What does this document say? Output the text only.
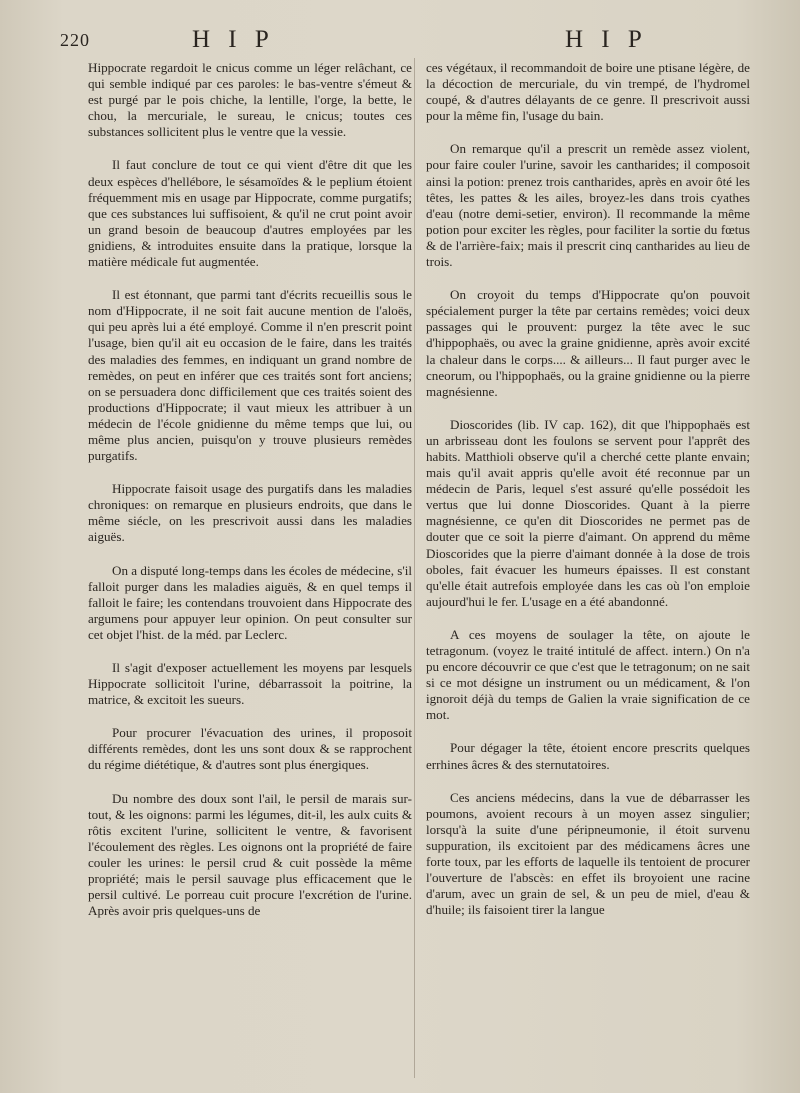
220	H I P	H I P

Hippocrate regardoit le cnicus comme un léger relâchant, ce qui semble indiqué par ces paroles: le bas-ventre s'émeut & est purgé par le pois chiche, la lentille, l'orge, la bette, le chou, la mercuriale, le sureau, le cnicus; toutes ces substances sollicitent plus le ventre que la vessie.

Il faut conclure de tout ce qui vient d'être dit que les deux espèces d'hellébore, le sésamoïdes & le peplium étoient fréquemment mis en usage par Hippocrate, comme purgatifs; que ces substances lui suffisoient, & qu'il ne crut point avoir un grand besoin de beaucoup d'autres employées par les gnidiens, & introduites ensuite dans la pratique, lorsque la matière médicale fut augmentée.

Il est étonnant, que parmi tant d'écrits recueillis sous le nom d'Hippocrate, il ne soit fait aucune mention de l'aloës, qui peu après lui a été employé. Comme il n'en prescrit point l'usage, bien qu'il ait eu occasion de le faire, dans les traités des maladies des femmes, en indiquant un grand nombre de remèdes, on peut en inférer que ces traités sont fort anciens; on se persuadera donc difficilement que ces traités soient des productions d'Hippocrate; il vaut mieux les attribuer à un médecin de l'école gnidienne du même temps que lui, ou même plus ancien, puisqu'on y trouve plusieurs remèdes purgatifs.

Hippocrate faisoit usage des purgatifs dans les maladies chroniques: on remarque en plusieurs endroits, que dans le même siécle, on les prescrivoit aussi dans les maladies aiguës.

On a disputé long-temps dans les écoles de médecine, s'il falloit purger dans les maladies aiguës, & en quel temps il falloit le faire; les contendans trouvoient dans Hippocrate des argumens pour appuyer leur opinion. On peut consulter sur cet objet l'hist. de la méd. par Leclerc.

Il s'agit d'exposer actuellement les moyens par lesquels Hippocrate sollicitoit l'urine, débarrassoit la poitrine, la matrice, & excitoit les sueurs.

Pour procurer l'évacuation des urines, il proposoit différents remèdes, dont les uns sont doux & se rapprochent du régime diététique, & d'autres sont plus énergiques.

Du nombre des doux sont l'ail, le persil de marais sur-tout, & les oignons: parmi les légumes, dit-il, les aulx cuits & rôtis excitent l'urine, sollicitent le ventre, & favorisent l'écoulement des règles. Les oignons ont la propriété de faire couler les urines: le persil crud & cuit possède la même propriété; mais le persil sauvage plus efficacement que le persil cultivé. Le porreau cuit procure l'excrétion de l'urine. Après avoir pris quelques-uns de

ces végétaux, il recommandoit de boire une ptisane légère, de la décoction de mercuriale, du vin trempé, de l'hydromel coupé, & d'autres délayants de ce genre. Il prescrivoit aussi pour la même fin, l'usage du bain.

On remarque qu'il a prescrit un remède assez violent, pour faire couler l'urine, savoir les cantharides; il composoit ainsi la potion: prenez trois cantharides, après en avoir ôté les têtes, les pattes & les ailes, broyez-les dans trois cyathes d'eau (notre demi-setier, environ). Il recommande la même potion pour exciter les règles, pour faciliter la sortie du fœtus & de l'arrière-faix; mais il prescrit cinq cantharides au lieu de trois.

On croyoit du temps d'Hippocrate qu'on pouvoit spécialement purger la tête par certains remèdes; voici deux passages qui le prouvent: purgez la tête avec le suc d'hippophaës, ou avec la graine gnidienne, après avoir excité la chaleur dans le corps.... & ailleurs... Il faut purger avec le cneorum, ou l'hippophaës, ou la graine gnidienne ou la pierre magnésienne.

Dioscorides (lib. IV cap. 162), dit que l'hippophaës est un arbrisseau dont les foulons se servent pour l'apprêt des habits. Matthioli observe qu'il a cherché cette plante envain; mais qu'il avait appris qu'elle avoit été reconnue par un médecin de Paris, lequel s'est assuré qu'elle possédoit les vertus que lui donne Dioscorides. Quant à la pierre magnésienne, ce qu'en dit Dioscorides ne permet pas de douter que ce soit la pierre d'aimant. On apprend du même Dioscorides que la pierre d'aimant donnée à la dose de trois oboles, fait évacuer les humeurs épaisses. Il est constant qu'elle était autrefois employée dans les cas où l'on emploie aujourd'hui le fer. L'usage en a été abandonné.

A ces moyens de soulager la tête, on ajoute le tetragonum. (voyez le traité intitulé de affect. intern.) On n'a pu encore découvrir ce que c'est que le tetragonum; on ne sait si ce mot désigne un instrument ou un médicament, & l'on ignoroit déjà du temps de Galien la vraie signification de ce mot.

Pour dégager la tête, étoient encore prescrits quelques errhines âcres & des sternutatoires.

Ces anciens médecins, dans la vue de débarrasser les poumons, avoient recours à un moyen assez singulier; lorsqu'à la suite d'une péripneumonie, il étoit survenu suppuration, ils excitoient par des médicamens âcres une forte toux, par les efforts de laquelle ils tentoient de procurer l'ouverture de l'abscès: en effet ils broyoient une racine d'arum, avec un grain de sel, & un peu de miel, d'eau & d'huile; ils faisoient tirer la langue
